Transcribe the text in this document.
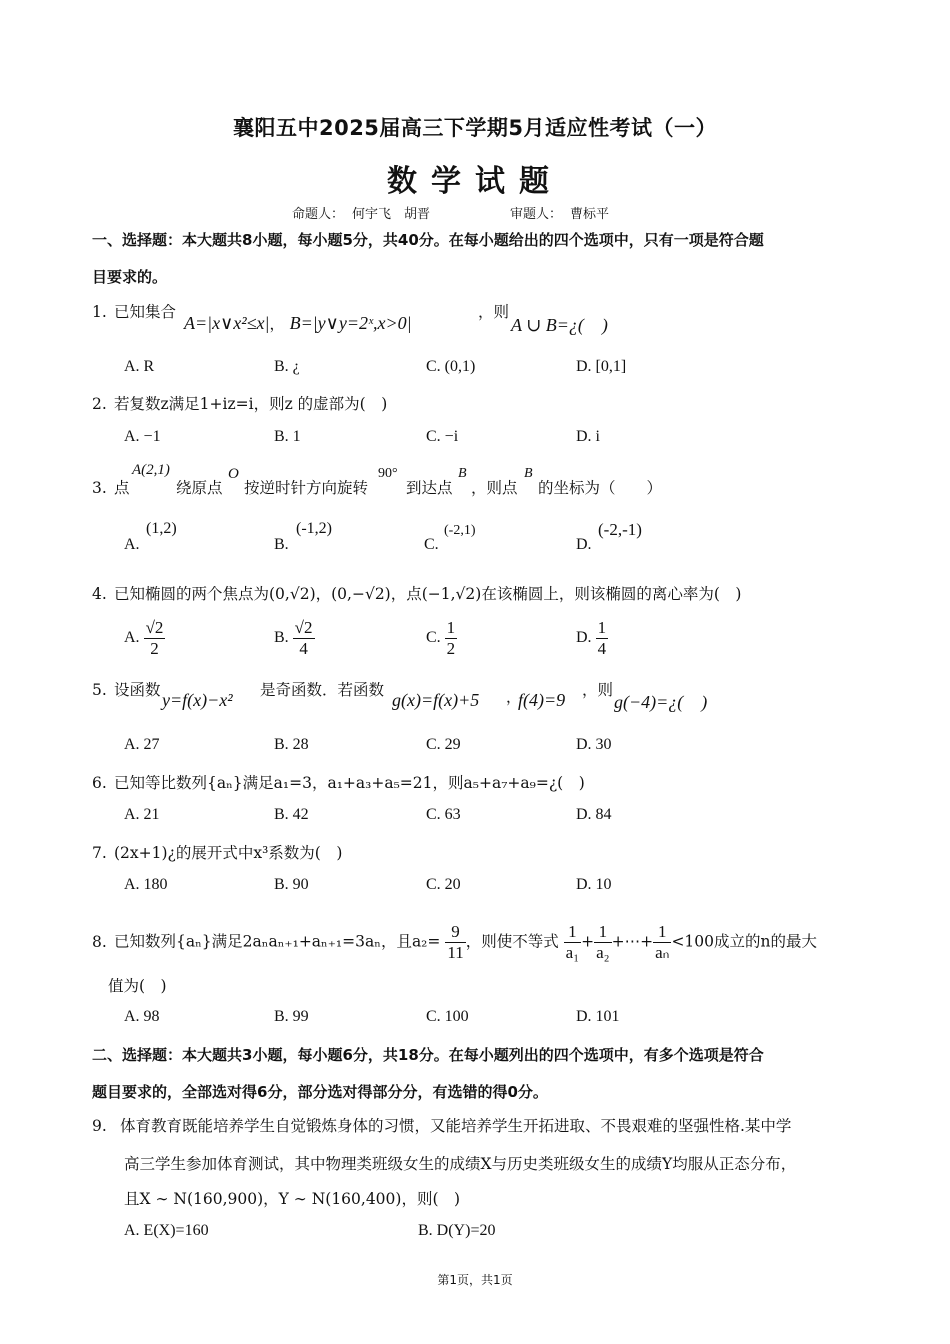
襄阳五中2025届高三下学期5月适应性考试（一）
数学试题
命题人： 何宇飞　胡晋	审题人： 曹标平
一、选择题：本大题共8小题，每小题5分，共40分。在每小题给出的四个选项中，只有一项是符合题
目要求的。
1. 已知集合
A=|x∨x²≤x|， B=|y∨y=2ˣ,x>0|
，则
A ∪ B=¿(　)
A. R	B. ¿	C. (0,1)	D. [0,1]
2. 若复数z满足1+iz=i，则z 的虚部为(　)
A. −1	B. 1	C. −i	D. i
3. 点
A(2,1)
绕原点
O
按逆时针方向旋转
90°
到达点
B
，则点
B
的坐标为（　　）
A.
(1,2)
B.
(-1,2)
C.
(-2,1)
D.
(-2,-1)
4. 已知椭圆的两个焦点为(0,√2)，(0,−√2)，点(−1,√2)在该椭圆上，则该椭圆的离心率为(　)
A. $\frac{√2}{2}$	B. $\frac{√2}{4}$	C. $\frac{1}{2}$	D. $\frac{1}{4}$
5. 设函数 y=f(x)−x² 是奇函数．若函数 g(x)=f(x)+5 ，
f(4)=9 ，则
g(−4)=¿(　)
A. 27	B. 28	C. 29	D. 30
6. 已知等比数列{aₙ}满足a₁=3，a₁+a₃+a₅=21，则a₅+a₇+a₉=¿(　)
A. 21	B. 42	C. 63	D. 84
7. (2x+1)¿的展开式中x³系数为(　)
A. 180	B. 90	C. 20	D. 10
8. 已知数列{aₙ}满足2aₙaₙ₊₁+aₙ₊₁=3aₙ，且$a_2= \frac{9}{11}$ ，则使不等式 $\frac{1}{\text{a₁}} + \frac{1}{\text{a₂}}$ +⋯+ $\frac{1}{\text{aₙ}} <100$成立的n的最大
值为(　)
A. 98	B. 99	C. 100	D. 101
二、选择题：本大题共3小题，每小题6分，共18分。在每小题列出的四个选项中，有多个选项是符合
题目要求的，全部选对得6分，部分选对得部分分，有选错的得0分。
9. 体育教育既能培养学生自觉锻炼身体的习惯，又能培养学生开拓进取、不畏艰难的坚强性格.某中学
高三学生参加体育测试，其中物理类班级女生的成绩X与历史类班级女生的成绩Y均服从正态分布，
且X ∼ N(160,900)，Y ∼ N(160,400)，则(　)
A. E(X)=160	B. D(Y)=20
第1页，共1页
